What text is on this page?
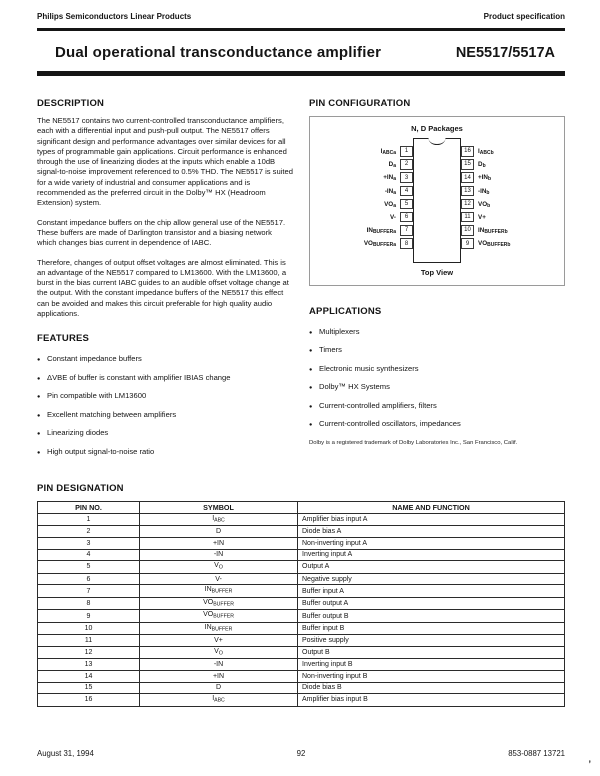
Philips Semiconductors Linear Products	Product specification
Dual operational transconductance amplifier	NE5517/5517A
DESCRIPTION

The NE5517 contains two current-controlled transconductance amplifiers, each with a differential input and push-pull output. The NE5517 offers significant design and performance advantages over similar devices for all types of programmable gain applications. Circuit performance is enhanced through the use of linearizing diodes at the inputs which enable a 10dB signal-to-noise improvement referenced to 0.5% THD. The NE5517 is suited for a wide variety of industrial and consumer applications and is recommended as the preferred circuit in the Dolby™ HX (Headroom Extension) system.

Constant impedance buffers on the chip allow general use of the NE5517. These buffers are made of Darlington transistor and a biasing network which changes bias current in dependence of IABC.

Therefore, changes of output offset voltages are almost eliminated. This is an advantage of the NE5517 compared to LM13600. With the LM13600, a burst in the bias current IABC guides to an audible offset voltage change at the output. With the constant impedance buffers of the NE5517 this effect can be avoided and makes this circuit preferable for high quality audio applications.

FEATURES
● Constant impedance buffers
● ΔVBE of buffer is constant with amplifier IBIAS change
● Pin compatible with LM13600
● Excellent matching between amplifiers
● Linearizing diodes
● High output signal-to-noise ratio
PIN CONFIGURATION
N, D Packages
I ABCa	1
D a	2
+IN a	3
-IN a	4
VO a	5
V-	6
IN BUFFERa	7
VO BUFFERa	8
16	I ABCb
15	D b
14	+IN b
13	-IN b
12	VO b
11	V+
10	IN BUFFERb
9	VO BUFFERb
Top View
APPLICATIONS
● Multiplexers
● Timers
● Electronic music synthesizers
● Dolby™ HX Systems
● Current-controlled amplifiers, filters
● Current-controlled oscillators, impedances

Dolby is a registered trademark of Dolby Laboratories Inc., San Francisco, Calif.

PIN DESIGNATION
PIN NO.	SYMBOL	NAME AND FUNCTION
1	$I_{ABC}$	Amplifier bias input A
2	D	Diode bias A
3	+IN	Non-inverting input A
4	-IN	Inverting input A
5	$V_O$	Output A
6	V-	Negative supply
7	$IN_{BUFFER}$	Buffer input A
8	$VO_{BUFFER}$	Buffer output A
9	$VO_{BUFFER}$	Buffer output B
10	$IN_{BUFFER}$	Buffer input B
11	V+	Positive supply
12	$V_O$	Output B
13	-IN	Inverting input B
14	+IN	Non-inverting input B
15	D	Diode bias B
16	$I_{ABC}$	Amplifier bias input B
August 31, 1994	92	853-0887 13721
’
